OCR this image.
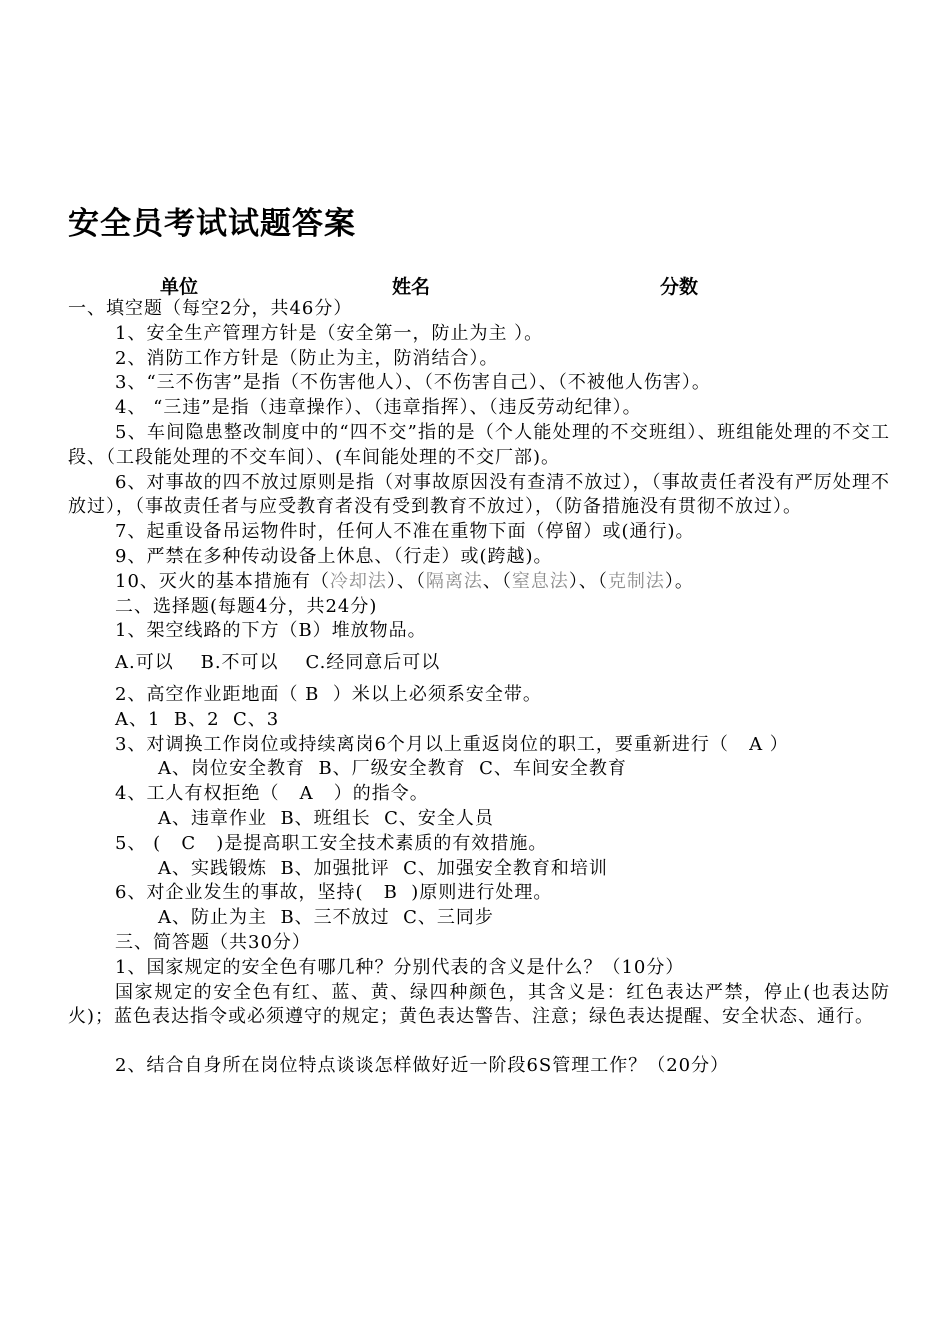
安全员考试试题答案
单位	姓名	分数

一、填空题（每空2分，共46分）

1、安全生产管理方针是（安全第一，防止为主 ）。

2、消防工作方针是（防止为主，防消结合）。

3、“三不伤害”是指（不伤害他人）、（不伤害自己）、（不被他人伤害）。

4、 “三违”是指（违章操作）、（违章指挥）、（违反劳动纪律）。

5、车间隐患整改制度中的“四不交”指的是（个人能处理的不交班组）、班组能处理的不交工段、（工段能处理的不交车间）、(车间能处理的不交厂部)。

6、对事故的四不放过原则是指（对事故原因没有查清不放过），（事故责任者没有严厉处理不放过），（事故责任者与应受教育者没有受到教育不放过），（防备措施没有贯彻不放过）。

7、起重设备吊运物件时，任何人不准在重物下面（停留）或(通行)。

9、严禁在多种传动设备上休息、（行走）或(跨越)。

10、灭火的基本措施有（冷却法）、（隔离法、（窒息法）、（克制法）。

二、选择题(每题4分，共24分)

1、架空线路的下方（B）堆放物品。

A.可以    B.不可以    C.经同意后可以

2、高空作业距地面（ B  ）米以上必须系安全带。

A、1  B、2  C、3

3、对调换工作岗位或持续离岗6个月以上重返岗位的职工，要重新进行（   A ）

A、岗位安全教育  B、厂级安全教育  C、车间安全教育

4、工人有权拒绝（   A   ）的指令。

A、违章作业  B、班组长  C、安全人员

5、 (   C   )是提高职工安全技术素质的有效措施。

A、实践锻炼  B、加强批评  C、加强安全教育和培训

6、对企业发生的事故，坚持(   B  )原则进行处理。

A、防止为主  B、三不放过  C、三同步

三、简答题（共30分）

1、国家规定的安全色有哪几种？分别代表的含义是什么？（10分）

国家规定的安全色有红、蓝、黄、绿四种颜色，其含义是：红色表达严禁，停止(也表达防火)；蓝色表达指令或必须遵守的规定；黄色表达警告、注意；绿色表达提醒、安全状态、通行。

2、结合自身所在岗位特点谈谈怎样做好近一阶段6S管理工作？（20分）
